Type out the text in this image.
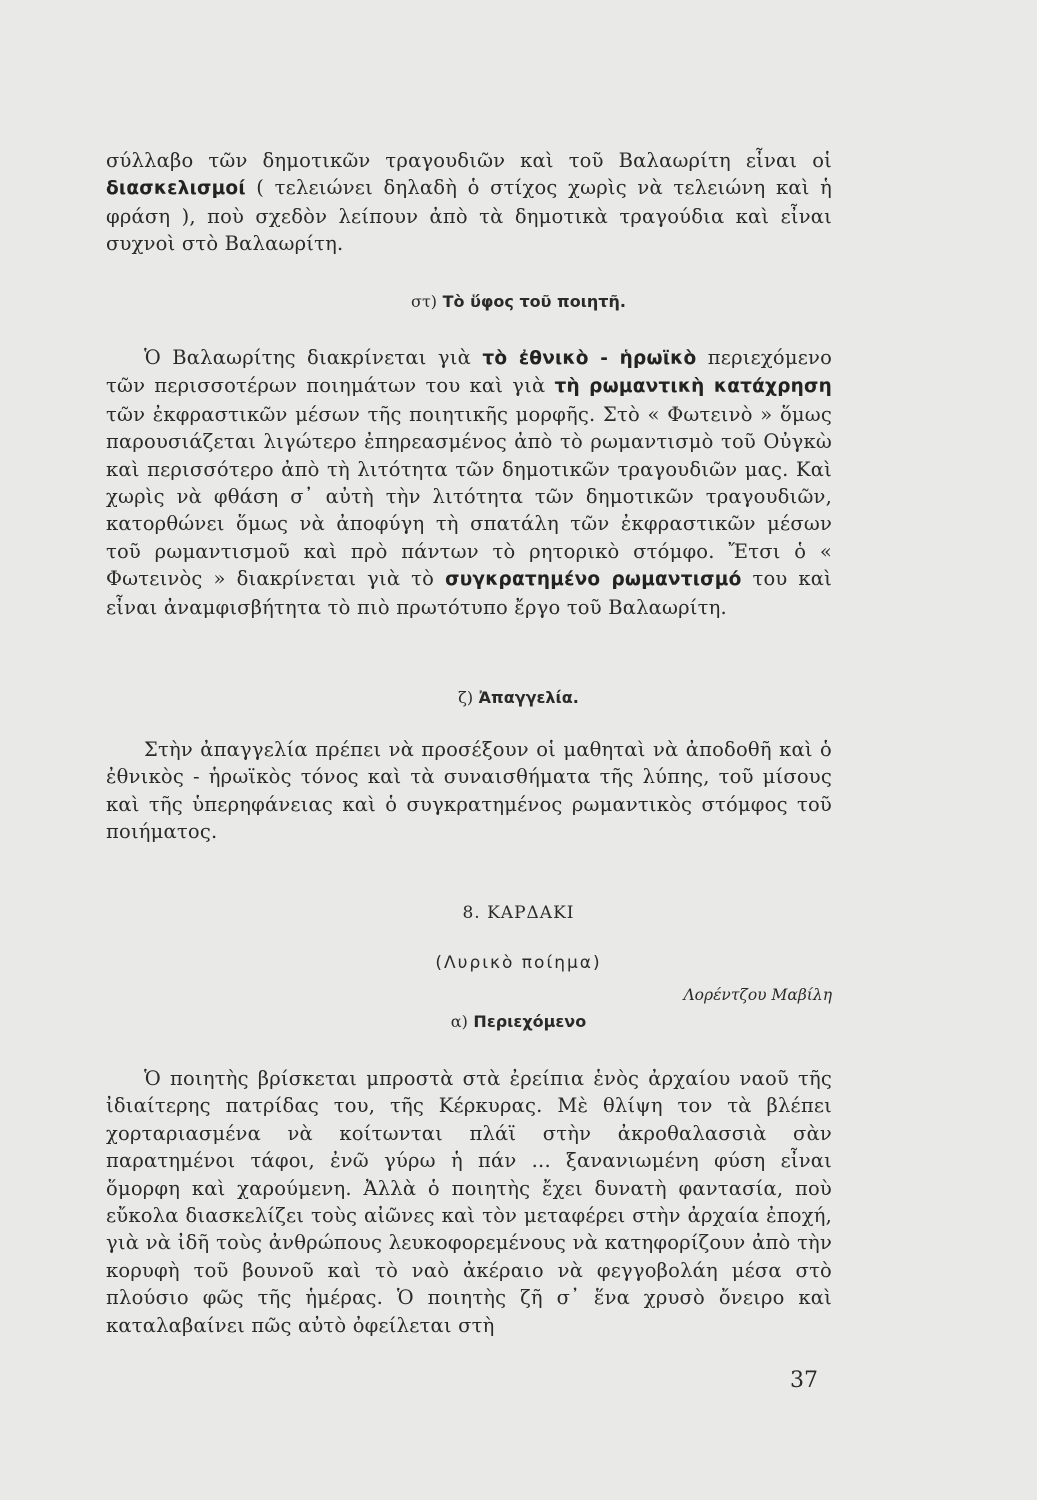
σύλλαβο τῶν δημοτικῶν τραγουδιῶν καὶ τοῦ Βαλαωρίτη εἶναι οἱ διασκελισμοί ( τελειώνει δηλαδὴ ὁ στίχος χωρὶς νὰ τελειώνη καὶ ἡ φράση ), ποὺ σχεδὸν λείπουν ἀπὸ τὰ δημοτικὰ τραγούδια καὶ εἶναι συχνοὶ στὸ Βαλαωρίτη.
στ) Τὸ ὕφος τοῦ ποιητῆ.
Ὁ Βαλαωρίτης διακρίνεται γιὰ τὸ ἐθνικὸ - ἡρωϊκὸ περιεχόμενο τῶν περισσοτέρων ποιημάτων του καὶ γιὰ τὴ ρωμαντικὴ κατάχρηση τῶν ἐκφραστικῶν μέσων τῆς ποιητικῆς μορφῆς. Στὸ « Φωτεινὸ » ὅμως παρουσιάζεται λιγώτερο ἐπηρεασμένος ἀπὸ τὸ ρωμαντισμὸ τοῦ Οὐγκὼ καὶ περισσότερο ἀπὸ τὴ λιτότητα τῶν δημοτικῶν τραγουδιῶν μας. Καὶ χωρὶς νὰ φθάση σ᾽ αὐτὴ τὴν λιτότητα τῶν δημοτικῶν τραγουδιῶν, κατορθώνει ὅμως νὰ ἀποφύγη τὴ σπατάλη τῶν ἐκφραστικῶν μέσων τοῦ ρωμαντισμοῦ καὶ πρὸ πάντων τὸ ρητορικὸ στόμφο. Ἔτσι ὁ « Φωτεινὸς » διακρίνεται γιὰ τὸ συγκρατημένο ρωμαντισμό του καὶ εἶναι ἀναμφισβήτητα τὸ πιὸ πρωτότυπο ἔργο τοῦ Βαλαωρίτη.
ζ) Ἀπαγγελία.
Στὴν ἀπαγγελία πρέπει νὰ προσέξουν οἱ μαθηταὶ νὰ ἀποδοθῆ καὶ ὁ ἐθνικὸς - ἡρωϊκὸς τόνος καὶ τὰ συναισθήματα τῆς λύπης, τοῦ μίσους καὶ τῆς ὑπερηφάνειας καὶ ὁ συγκρατημένος ρωμαντικὸς στόμφος τοῦ ποιήματος.
8. ΚΑΡΔΑΚΙ
(Λυρικὸ ποίημα)
Λορέντζου Μαβίλη
α) Περιεχόμενο
Ὁ ποιητὴς βρίσκεται μπροστὰ στὰ ἐρείπια ἑνὸς ἀρχαίου ναοῦ τῆς ἰδιαίτερης πατρίδας του, τῆς Κέρκυρας. Μὲ θλίψη τον τὰ βλέπει χορταριασμένα νὰ κοίτωνται πλάϊ στὴν ἀκροθαλασσιὰ σὰν παρατημένοι τάφοι, ἐνῶ γύρω ἡ πάν ... ξανανιωμένη φύση εἶναι ὅμορφη καὶ χαρούμενη. Ἀλλὰ ὁ ποιητὴς ἔχει δυνατὴ φαντασία, ποὺ εὔκολα διασκελίζει τοὺς αἰῶνες καὶ τὸν μεταφέρει στὴν ἀρχαία ἐποχή, γιὰ νὰ ἰδῆ τοὺς ἀνθρώπους λευκοφορεμένους νὰ κατηφορίζουν ἀπὸ τὴν κορυφὴ τοῦ βουνοῦ καὶ τὸ ναὸ ἀκέραιο νὰ φεγγοβολάη μέσα στὸ πλούσιο φῶς τῆς ἡμέρας. Ὁ ποιητὴς ζῆ σ᾽ ἕνα χρυσὸ ὄνειρο καὶ καταλαβαίνει πῶς αὐτὸ ὀφείλεται στὴ
37
